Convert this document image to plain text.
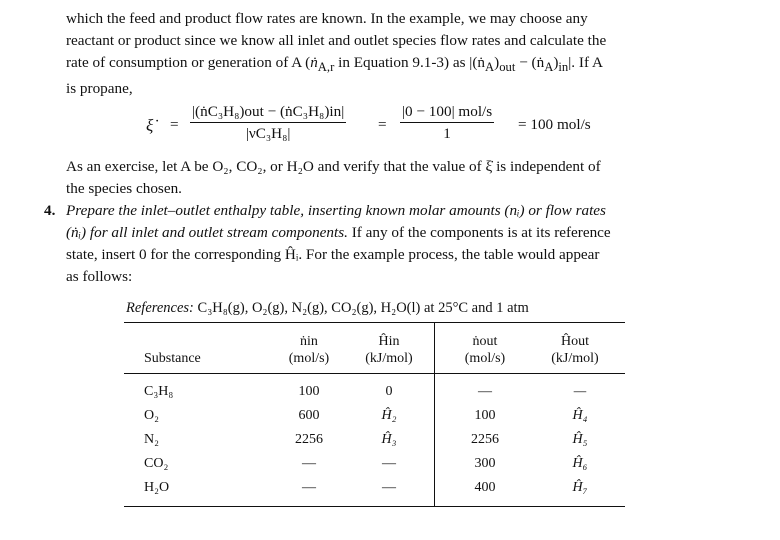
which the feed and product flow rates are known. In the example, we may choose any
reactant or product since we know all inlet and outlet species flow rates and calculate the
rate of consumption or generation of A (ṅ$_{A,r}$ in Equation 9.1-3) as $|(ṅ_A)_{out}$ − $(ṅ_A)_{in}|$. If A
is propane,

ξ̇ =
|(ṅC₃H₈)out − (ṅC₃H₈)in|
|νC₃H₈|
=
|0 − 100| mol/s
1
= 100 mol/s

As an exercise, let A be O₂, CO₂, or H₂O and verify that the value of ξ̇ is independent of
the species chosen.

4. Prepare the inlet–outlet enthalpy table, inserting known molar amounts (nᵢ) or flow rates
(ṅᵢ) for all inlet and outlet stream components. If any of the components is at its reference
state, insert 0 for the corresponding Ĥᵢ. For the example process, the table would appear
as follows:

References: C₃H₈(g), O₂(g), N₂(g), CO₂(g), H₂O(l) at 25°C and 1 atm
Substance	ṅin
(mol/s)	Ĥin
(kJ/mol)	ṅout
(mol/s)	Ĥout
(kJ/mol)
C₃H₈	100	0	—	—
O₂	600	Ĥ₂	100	Ĥ₄
N₂	2256	Ĥ₃	2256	Ĥ₅
CO₂	—	—	300	Ĥ₆
H₂O	—	—	400	Ĥ₇
